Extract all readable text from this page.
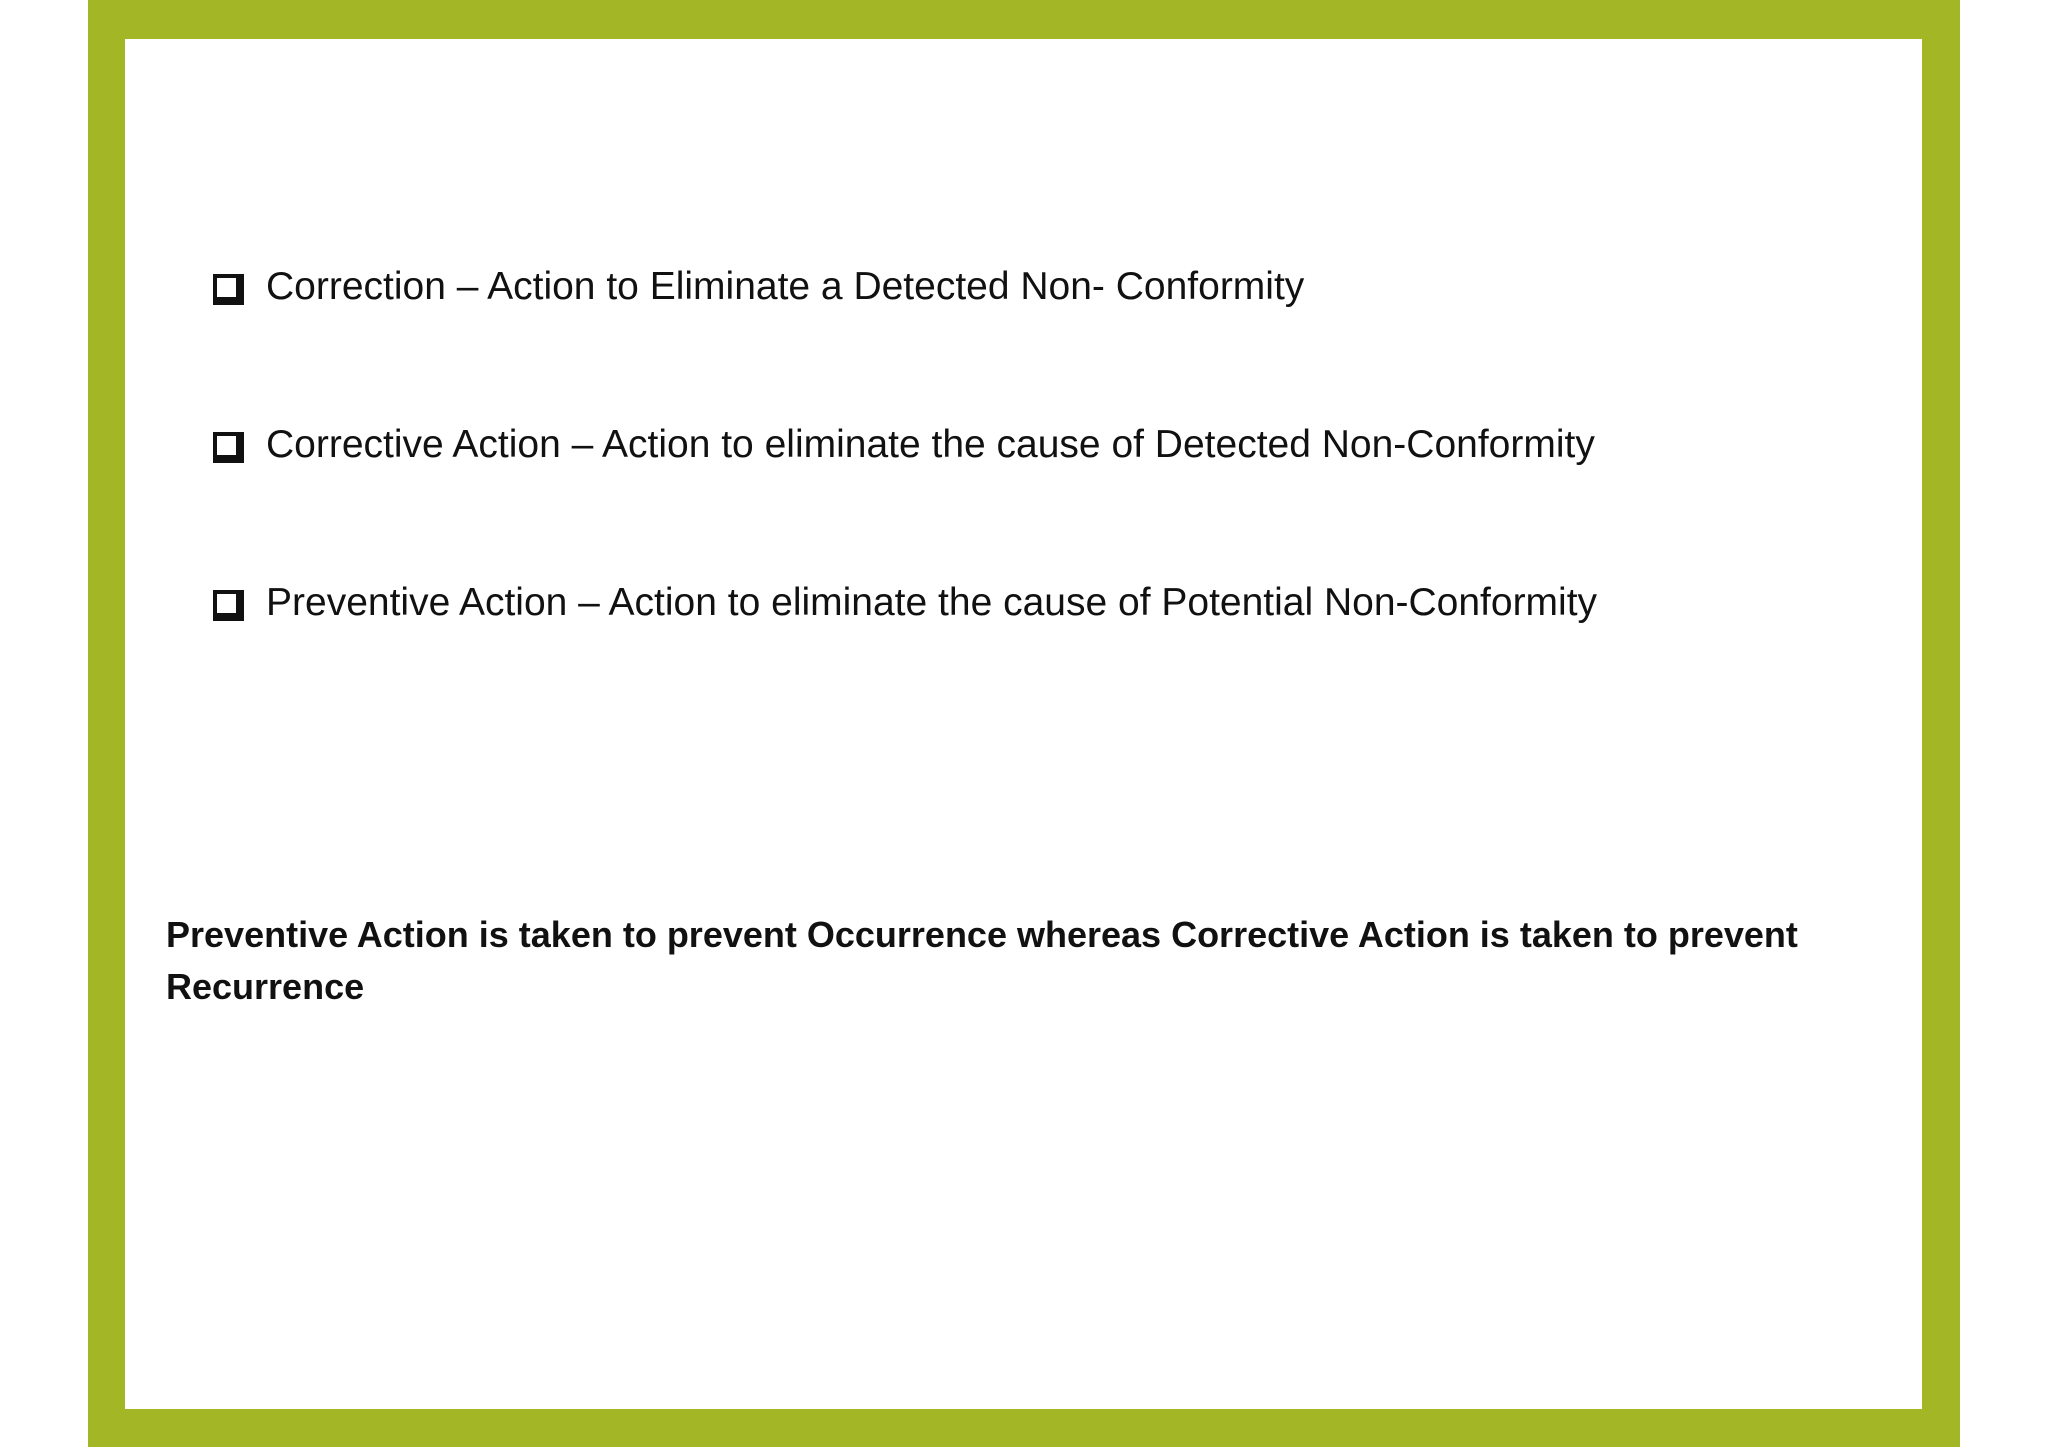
Correction – Action to Eliminate a Detected Non- Conformity
Corrective Action – Action to eliminate the cause of Detected Non-Conformity
Preventive Action – Action to eliminate the cause of Potential Non-Conformity

Preventive Action is taken to prevent Occurrence whereas Corrective Action is taken to prevent Recurrence
